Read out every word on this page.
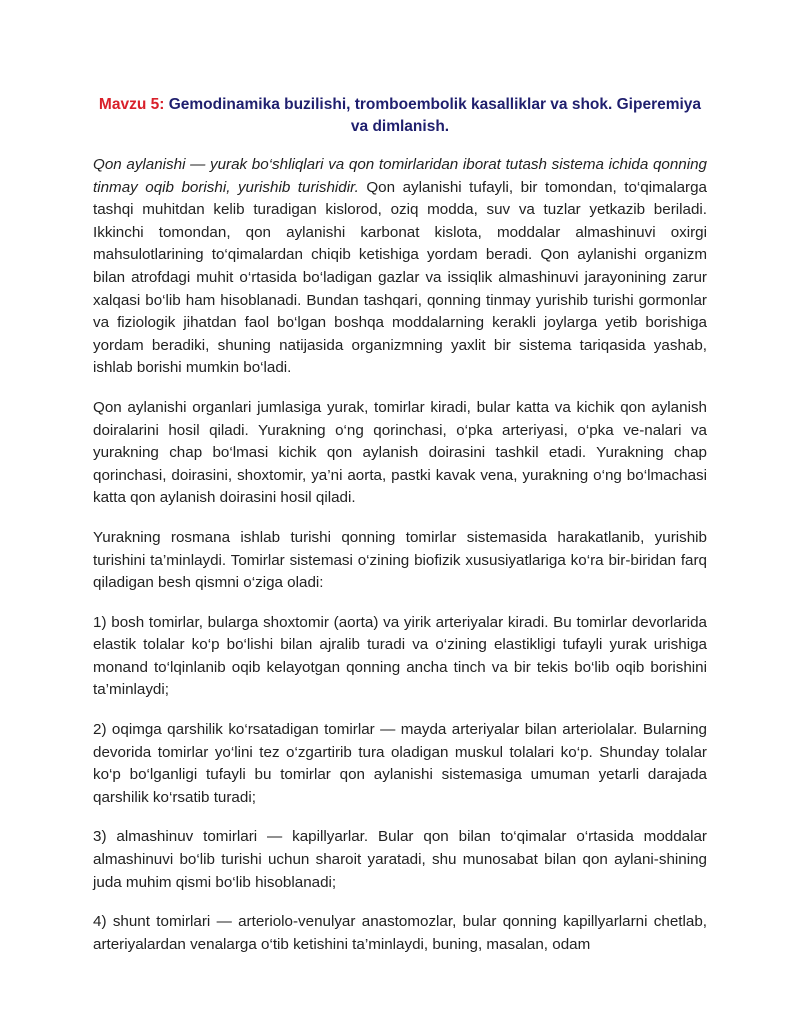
Mavzu 5: Gemodinamika buzilishi, tromboembolik kasalliklar va shok. Giperemiya va dimlanish.

Qon aylanishi — yurak bo‘shliqlari va qon tomirlaridan iborat tutash sistema ichida qonning tinmay oqib borishi, yurishib turishidir. Qon aylanishi tufayli, bir tomondan, to‘qimalarga tashqi muhitdan kelib turadigan kislorod, oziq modda, suv va tuzlar yetkazib beriladi. Ikkinchi tomondan, qon aylanishi karbonat kislota, moddalar almashinuvi oxirgi mahsulotlarining to‘qimalardan chiqib ketishiga yordam beradi. Qon aylanishi organizm bilan atrofdagi muhit o‘rtasida bo‘ladigan gazlar va issiqlik almashinuvi jarayonining zarur xalqasi bo‘lib ham hisoblanadi. Bundan tashqari, qonning tinmay yurishib turishi gormonlar va fiziologik jihatdan faol bo‘lgan boshqa moddalarning kerakli joylarga yetib borishiga yordam beradiki, shuning natijasida organizmning yaxlit bir sistema tariqasida yashab, ishlab borishi mumkin bo‘ladi.

Qon aylanishi organlari jumlasiga yurak, tomirlar kiradi, bular katta va kichik qon aylanish doiralarini hosil qiladi. Yurakning o‘ng qorinchasi, o‘pka arteriyasi, o‘pka ve-nalari va yurakning chap bo‘lmasi kichik qon aylanish doirasini tashkil etadi. Yurakning chap qorinchasi, doirasini, shoxtomir, ya’ni aorta, pastki kavak vena, yurakning o‘ng bo‘lmachasi katta qon aylanish doirasini hosil qiladi.

Yurakning rosmana ishlab turishi qonning tomirlar sistemasida harakatlanib, yurishib turishini ta’minlaydi. Tomirlar sistemasi o‘zining biofizik xususiyatlariga ko‘ra bir-biridan farq qiladigan besh qismni o‘ziga oladi:

1) bosh tomirlar, bularga shoxtomir (aorta) va yirik arteriyalar kiradi. Bu tomirlar devorlarida elastik tolalar ko‘p bo‘lishi bilan ajralib turadi va o‘zining elastikligi tufayli yurak urishiga monand to‘lqinlanib oqib kelayotgan qonning ancha tinch va bir tekis bo‘lib oqib borishini ta’minlaydi;

2) oqimga qarshilik ko‘rsatadigan tomirlar — mayda arteriyalar bilan arteriolalar. Bularning devorida tomirlar yo‘lini tez o‘zgartirib tura oladigan muskul tolalari ko‘p. Shunday tolalar ko‘p bo‘lganligi tufayli bu tomirlar qon aylanishi sistemasiga umuman yetarli darajada qarshilik ko‘rsatib turadi;

3) almashinuv tomirlari — kapillyarlar. Bular qon bilan to‘qimalar o‘rtasida moddalar almashinuvi bo‘lib turishi uchun sharoit yaratadi, shu munosabat bilan qon aylani-shining juda muhim qismi bo‘lib hisoblanadi;

4) shunt tomirlari — arteriolo-venulyar anastomozlar, bular qonning kapillyarlarni chetlab, arteriyalardan venalarga o‘tib ketishini ta’minlaydi, buning, masalan, odam
